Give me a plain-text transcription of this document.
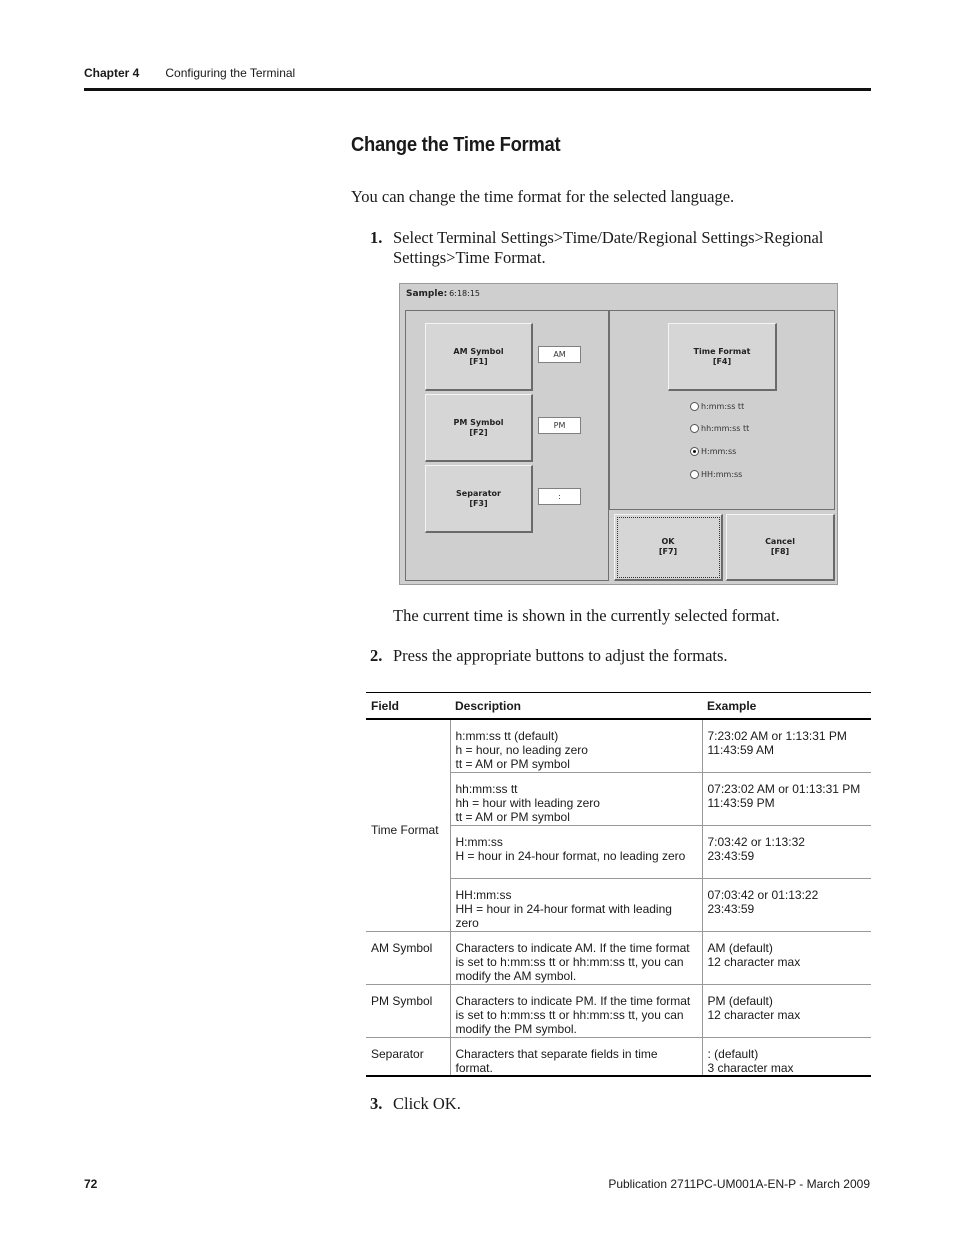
Chapter 4 Configuring the Terminal
Change the Time Format
You can change the time format for the selected language.
1. Select Terminal Settings>Time/Date/Regional Settings>Regional Settings>Time Format.
Sample: 6:18:15
AM Symbol
[F1]
AM
PM Symbol
[F2]
PM
Separator
[F3]
:
Time Format
[F4]
h:mm:ss tt
hh:mm:ss tt
H:mm:ss
HH:mm:ss
OK
[F7]
Cancel
[F8]
The current time is shown in the currently selected format.
2. Press the appropriate buttons to adjust the formats.
Field	Description	Example
Time Format	h:mm:ss tt (default)
h = hour, no leading zero
tt = AM or PM symbol	7:23:02 AM or 1:13:31 PM
11:43:59 AM
	hh:mm:ss tt
hh = hour with leading zero
tt = AM or PM symbol	07:23:02 AM or 01:13:31 PM
11:43:59 PM
	H:mm:ss
H = hour in 24-hour format, no leading zero	7:03:42 or 1:13:32
23:43:59
	HH:mm:ss
HH = hour in 24-hour format with leading zero	07:03:42 or 01:13:22
23:43:59
AM Symbol	Characters to indicate AM. If the time format is set to h:mm:ss tt or hh:mm:ss tt, you can modify the AM symbol.	AM (default)
12 character max
PM Symbol	Characters to indicate PM. If the time format is set to h:mm:ss tt or hh:mm:ss tt, you can modify the PM symbol.	PM (default)
12 character max
Separator	Characters that separate fields in time format.	: (default)
3 character max
3. Click OK.
72	Publication 2711PC-UM001A-EN-P - March 2009
